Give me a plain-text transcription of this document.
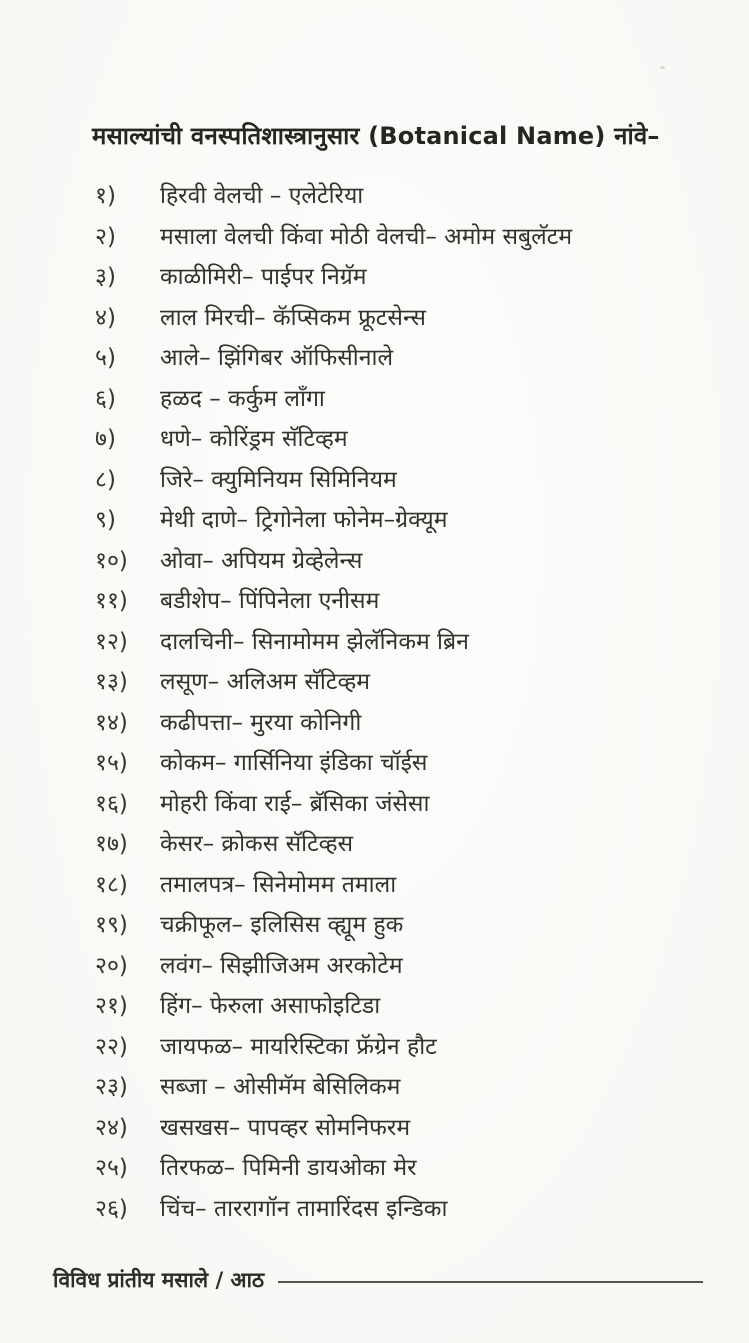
मसाल्यांची वनस्पतिशास्त्रानुसार (Botanical Name) नांवे–
१)	हिरवी वेलची – एलेटेरिया
२)	मसाला वेलची किंवा मोठी वेलची– अमोम सबुलॅटम
३)	काळीमिरी– पाईपर निग्रॅम
४)	लाल मिरची– कॅप्सिकम फ्रूटसेन्स
५)	आले– झिंगिबर ऑफिसीनाले
६)	हळद – कर्कुम लाँगा
७)	धणे– कोरिंड्रम सॅटिव्हम
८)	जिरे– क्युमिनियम सिमिनियम
९)	मेथी दाणे– ट्रिगोनेला फोनेम–ग्रेक्यूम
१०)	ओवा– अपियम ग्रेव्हेलेन्स
११)	बडीशेप– पिंपिनेला एनीसम
१२)	दालचिनी– सिनामोमम झेलॅनिकम ब्रिन
१३)	लसूण– अलिअम सॅटिव्हम
१४)	कढीपत्ता– मुरया कोनिगी
१५)	कोकम– गार्सिनिया इंडिका चॉईस
१६)	मोहरी किंवा राई– ब्रॅसिका जंसेसा
१७)	केसर– क्रोकस सॅटिव्हस
१८)	तमालपत्र– सिनेमोमम तमाला
१९)	चक्रीफूल– इलिसिस व्ह्यूम हुक
२०)	लवंग– सिझीजिअम अरकोटेम
२१)	हिंग– फेरुला असाफोइटिडा
२२)	जायफळ– मायरिस्टिका फ्रॅग्रेन हौट
२३)	सब्जा – ओसीमॅम बेसिलिकम
२४)	खसखस– पापव्हर सोमनिफरम
२५)	तिरफळ– पिमिनी डायओका मेर
२६)	चिंच– ताररागॉन तामारिंदस इन्डिका
विविध प्रांतीय मसाले / आठ
